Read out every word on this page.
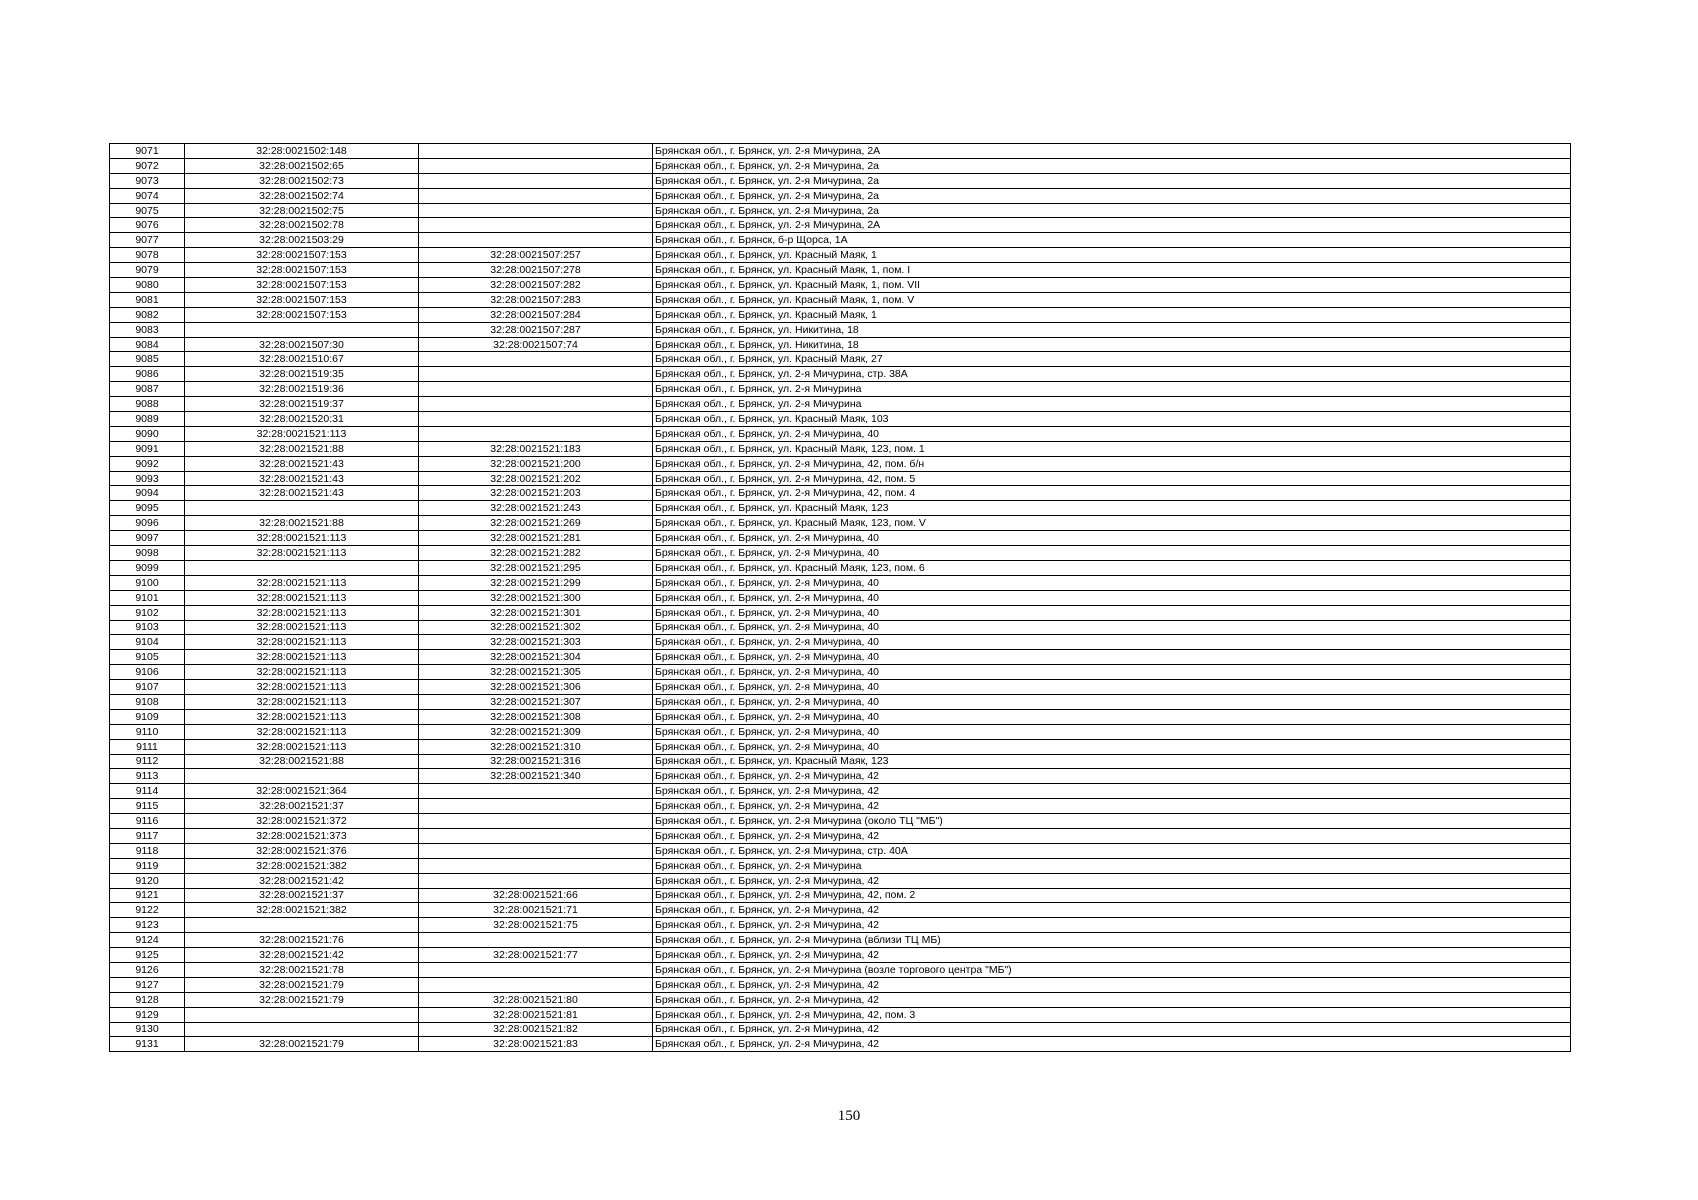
9071	32:28:0021502:148		Брянская обл., г. Брянск, ул. 2-я Мичурина, 2А
9072	32:28:0021502:65		Брянская обл., г. Брянск, ул. 2-я Мичурина, 2а
9073	32:28:0021502:73		Брянская обл., г. Брянск, ул. 2-я Мичурина, 2а
9074	32:28:0021502:74		Брянская обл., г. Брянск, ул. 2-я Мичурина, 2а
9075	32:28:0021502:75		Брянская обл., г. Брянск, ул. 2-я Мичурина, 2а
9076	32:28:0021502:78		Брянская обл., г. Брянск, ул. 2-я Мичурина, 2А
9077	32:28:0021503:29		Брянская обл., г. Брянск, б-р Щорса, 1А
9078	32:28:0021507:153	32:28:0021507:257	Брянская обл., г. Брянск, ул. Красный Маяк, 1
9079	32:28:0021507:153	32:28:0021507:278	Брянская обл., г. Брянск, ул. Красный Маяк, 1, пом. I
9080	32:28:0021507:153	32:28:0021507:282	Брянская обл., г. Брянск, ул. Красный Маяк, 1, пом. VII
9081	32:28:0021507:153	32:28:0021507:283	Брянская обл., г. Брянск, ул. Красный Маяк, 1, пом. V
9082	32:28:0021507:153	32:28:0021507:284	Брянская обл., г. Брянск, ул. Красный Маяк, 1
9083		32:28:0021507:287	Брянская обл., г. Брянск, ул. Никитина, 18
9084	32:28:0021507:30	32:28:0021507:74	Брянская обл., г. Брянск, ул. Никитина, 18
9085	32:28:0021510:67		Брянская обл., г. Брянск, ул. Красный Маяк, 27
9086	32:28:0021519:35		Брянская обл., г. Брянск, ул. 2-я Мичурина, стр. 38А
9087	32:28:0021519:36		Брянская обл., г. Брянск, ул. 2-я Мичурина
9088	32:28:0021519:37		Брянская обл., г. Брянск, ул. 2-я Мичурина
9089	32:28:0021520:31		Брянская обл., г. Брянск, ул. Красный Маяк, 103
9090	32:28:0021521:113		Брянская обл., г. Брянск, ул. 2-я Мичурина, 40
9091	32:28:0021521:88	32:28:0021521:183	Брянская обл., г. Брянск, ул. Красный Маяк, 123, пом. 1
9092	32:28:0021521:43	32:28:0021521:200	Брянская обл., г. Брянск, ул. 2-я Мичурина, 42, пом. б/н
9093	32:28:0021521:43	32:28:0021521:202	Брянская обл., г. Брянск, ул. 2-я Мичурина, 42, пом. 5
9094	32:28:0021521:43	32:28:0021521:203	Брянская обл., г. Брянск, ул. 2-я Мичурина, 42, пом. 4
9095		32:28:0021521:243	Брянская обл., г. Брянск, ул. Красный Маяк, 123
9096	32:28:0021521:88	32:28:0021521:269	Брянская обл., г. Брянск, ул. Красный Маяк, 123, пом. V
9097	32:28:0021521:113	32:28:0021521:281	Брянская обл., г. Брянск, ул. 2-я Мичурина, 40
9098	32:28:0021521:113	32:28:0021521:282	Брянская обл., г. Брянск, ул. 2-я Мичурина, 40
9099		32:28:0021521:295	Брянская обл., г. Брянск, ул. Красный Маяк, 123, пом. 6
9100	32:28:0021521:113	32:28:0021521:299	Брянская обл., г. Брянск, ул. 2-я Мичурина, 40
9101	32:28:0021521:113	32:28:0021521:300	Брянская обл., г. Брянск, ул. 2-я Мичурина, 40
9102	32:28:0021521:113	32:28:0021521:301	Брянская обл., г. Брянск, ул. 2-я Мичурина, 40
9103	32:28:0021521:113	32:28:0021521:302	Брянская обл., г. Брянск, ул. 2-я Мичурина, 40
9104	32:28:0021521:113	32:28:0021521:303	Брянская обл., г. Брянск, ул. 2-я Мичурина, 40
9105	32:28:0021521:113	32:28:0021521:304	Брянская обл., г. Брянск, ул. 2-я Мичурина, 40
9106	32:28:0021521:113	32:28:0021521:305	Брянская обл., г. Брянск, ул. 2-я Мичурина, 40
9107	32:28:0021521:113	32:28:0021521:306	Брянская обл., г. Брянск, ул. 2-я Мичурина, 40
9108	32:28:0021521:113	32:28:0021521:307	Брянская обл., г. Брянск, ул. 2-я Мичурина, 40
9109	32:28:0021521:113	32:28:0021521:308	Брянская обл., г. Брянск, ул. 2-я Мичурина, 40
9110	32:28:0021521:113	32:28:0021521:309	Брянская обл., г. Брянск, ул. 2-я Мичурина, 40
9111	32:28:0021521:113	32:28:0021521:310	Брянская обл., г. Брянск, ул. 2-я Мичурина, 40
9112	32:28:0021521:88	32:28:0021521:316	Брянская обл., г. Брянск, ул. Красный Маяк, 123
9113		32:28:0021521:340	Брянская обл., г. Брянск, ул. 2-я Мичурина, 42
9114	32:28:0021521:364		Брянская обл., г. Брянск, ул. 2-я Мичурина, 42
9115	32:28:0021521:37		Брянская обл., г. Брянск, ул. 2-я Мичурина, 42
9116	32:28:0021521:372		Брянская обл., г. Брянск, ул. 2-я Мичурина (около ТЦ "МБ")
9117	32:28:0021521:373		Брянская обл., г. Брянск, ул. 2-я Мичурина, 42
9118	32:28:0021521:376		Брянская обл., г. Брянск, ул. 2-я Мичурина, стр. 40А
9119	32:28:0021521:382		Брянская обл., г. Брянск, ул. 2-я Мичурина
9120	32:28:0021521:42		Брянская обл., г. Брянск, ул. 2-я Мичурина, 42
9121	32:28:0021521:37	32:28:0021521:66	Брянская обл., г. Брянск, ул. 2-я Мичурина, 42, пом. 2
9122	32:28:0021521:382	32:28:0021521:71	Брянская обл., г. Брянск, ул. 2-я Мичурина, 42
9123		32:28:0021521:75	Брянская обл., г. Брянск, ул. 2-я Мичурина, 42
9124	32:28:0021521:76		Брянская обл., г. Брянск, ул. 2-я Мичурина (вблизи ТЦ МБ)
9125	32:28:0021521:42	32:28:0021521:77	Брянская обл., г. Брянск, ул. 2-я Мичурина, 42
9126	32:28:0021521:78		Брянская обл., г. Брянск, ул. 2-я Мичурина (возле торгового центра "МБ")
9127	32:28:0021521:79		Брянская обл., г. Брянск, ул. 2-я Мичурина, 42
9128	32:28:0021521:79	32:28:0021521:80	Брянская обл., г. Брянск, ул. 2-я Мичурина, 42
9129		32:28:0021521:81	Брянская обл., г. Брянск, ул. 2-я Мичурина, 42, пом. 3
9130		32:28:0021521:82	Брянская обл., г. Брянск, ул. 2-я Мичурина, 42
9131	32:28:0021521:79	32:28:0021521:83	Брянская обл., г. Брянск, ул. 2-я Мичурина, 42
150
